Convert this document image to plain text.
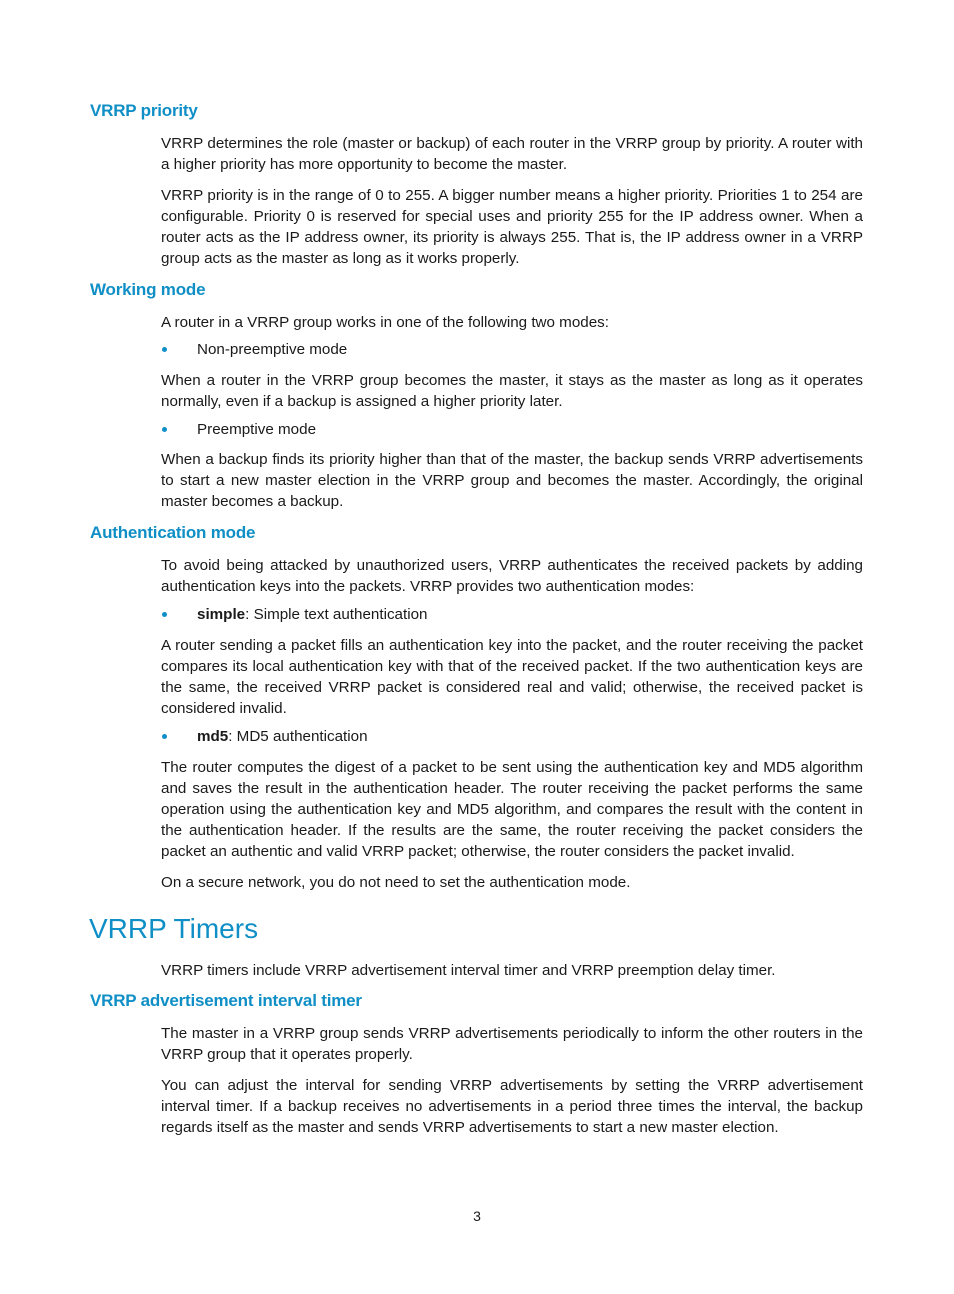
VRRP priority

VRRP determines the role (master or backup) of each router in the VRRP group by priority. A router with a higher priority has more opportunity to become the master.

VRRP priority is in the range of 0 to 255. A bigger number means a higher priority. Priorities 1 to 254 are configurable. Priority 0 is reserved for special uses and priority 255 for the IP address owner. When a router acts as the IP address owner, its priority is always 255. That is, the IP address owner in a VRRP group acts as the master as long as it works properly.

Working mode

A router in a VRRP group works in one of the following two modes:

Non-preemptive mode

When a router in the VRRP group becomes the master, it stays as the master as long as it operates normally, even if a backup is assigned a higher priority later.

Preemptive mode

When a backup finds its priority higher than that of the master, the backup sends VRRP advertisements to start a new master election in the VRRP group and becomes the master. Accordingly, the original master becomes a backup.

Authentication mode

To avoid being attacked by unauthorized users, VRRP authenticates the received packets by adding authentication keys into the packets. VRRP provides two authentication modes:

simple: Simple text authentication

A router sending a packet fills an authentication key into the packet, and the router receiving the packet compares its local authentication key with that of the received packet. If the two authentication keys are the same, the received VRRP packet is considered real and valid; otherwise, the received packet is considered invalid.

md5: MD5 authentication

The router computes the digest of a packet to be sent using the authentication key and MD5 algorithm and saves the result in the authentication header. The router receiving the packet performs the same operation using the authentication key and MD5 algorithm, and compares the result with the content in the authentication header. If the results are the same, the router receiving the packet considers the packet an authentic and valid VRRP packet; otherwise, the router considers the packet invalid.

On a secure network, you do not need to set the authentication mode.

VRRP Timers

VRRP timers include VRRP advertisement interval timer and VRRP preemption delay timer.

VRRP advertisement interval timer

The master in a VRRP group sends VRRP advertisements periodically to inform the other routers in the VRRP group that it operates properly.

You can adjust the interval for sending VRRP advertisements by setting the VRRP advertisement interval timer. If a backup receives no advertisements in a period three times the interval, the backup regards itself as the master and sends VRRP advertisements to start a new master election.

3
